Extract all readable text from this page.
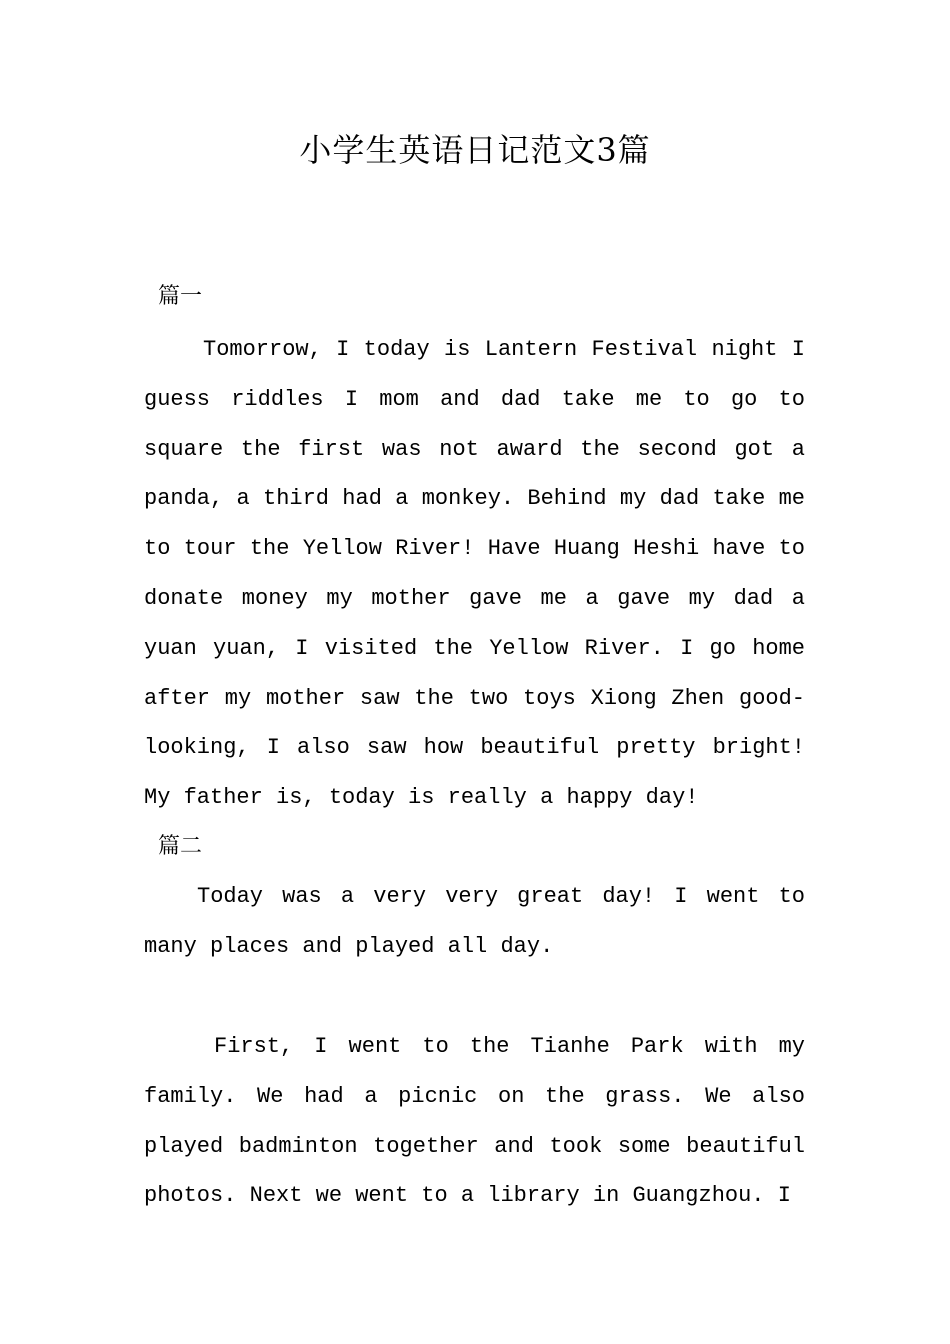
小学生英语日记范文3篇
篇一
Tomorrow, I today is Lantern Festival night I guess riddles I mom and dad take me to go to square the first was not award the second got a panda, a third had a monkey. Behind my dad take me to tour the Yellow River! Have Huang Heshi have to donate money my mother gave me a gave my dad a yuan yuan, I visited the Yellow River. I go home after my mother saw the two toys Xiong Zhen good-looking, I also saw how beautiful pretty bright! My father is, today is really a happy day!
篇二
Today was a very very great day! I went to many places and played all day.
First, I went to the Tianhe Park with my family. We had a picnic on the grass. We also played badminton together and took some beautiful photos. Next we went to a library in Guangzhou. I
